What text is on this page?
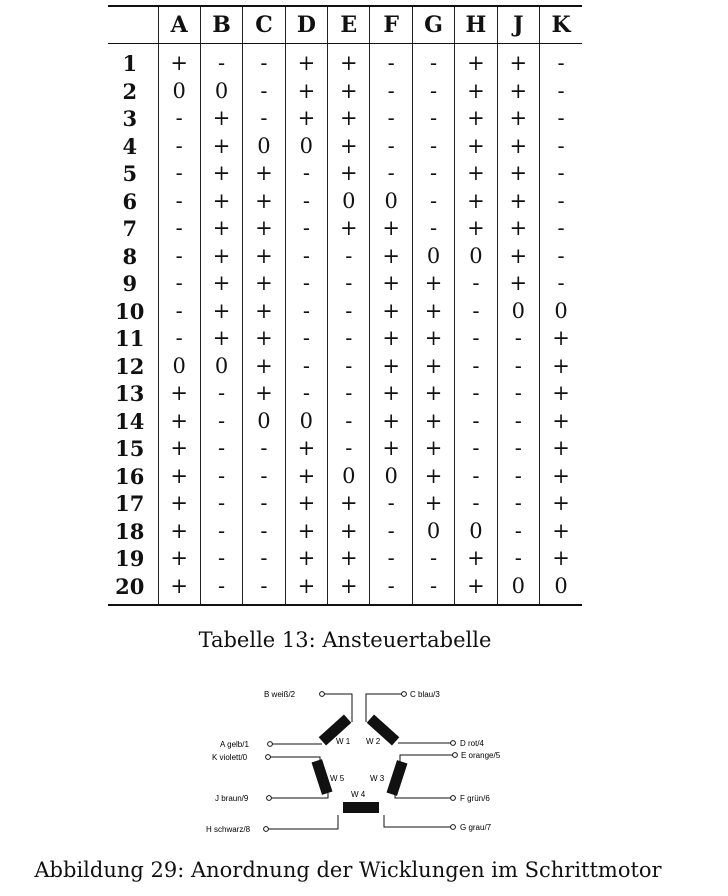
	A	B	C	D	E	F	G	H	J	K
1	+	-	-	+	+	-	-	+	+	-
2	0	0	-	+	+	-	-	+	+	-
3	-	+	-	+	+	-	-	+	+	-
4	-	+	0	0	+	-	-	+	+	-
5	-	+	+	-	+	-	-	+	+	-
6	-	+	+	-	0	0	-	+	+	-
7	-	+	+	-	+	+	-	+	+	-
8	-	+	+	-	-	+	0	0	+	-
9	-	+	+	-	-	+	+	-	+	-
10	-	+	+	-	-	+	+	-	0	0
11	-	+	+	-	-	+	+	-	-	+
12	0	0	+	-	-	+	+	-	-	+
13	+	-	+	-	-	+	+	-	-	+
14	+	-	0	0	-	+	+	-	-	+
15	+	-	-	+	-	+	+	-	-	+
16	+	-	-	+	0	0	+	-	-	+
17	+	-	-	+	+	-	+	-	-	+
18	+	-	-	+	+	-	0	0	-	+
19	+	-	-	+	+	-	-	+	-	+
20	+	-	-	+	+	-	-	+	0	0
Tabelle 13: Ansteuertabelle
W 1 W 2
W 3
W 5
W 4
B weiß/2	C blau/3
A gelb/1
K violett/0
D rot/4
E orange/5
J braun/9	F grün/6
H schwarz/8	G grau/7
Abbildung 29: Anordnung der Wicklungen im Schrittmotor
